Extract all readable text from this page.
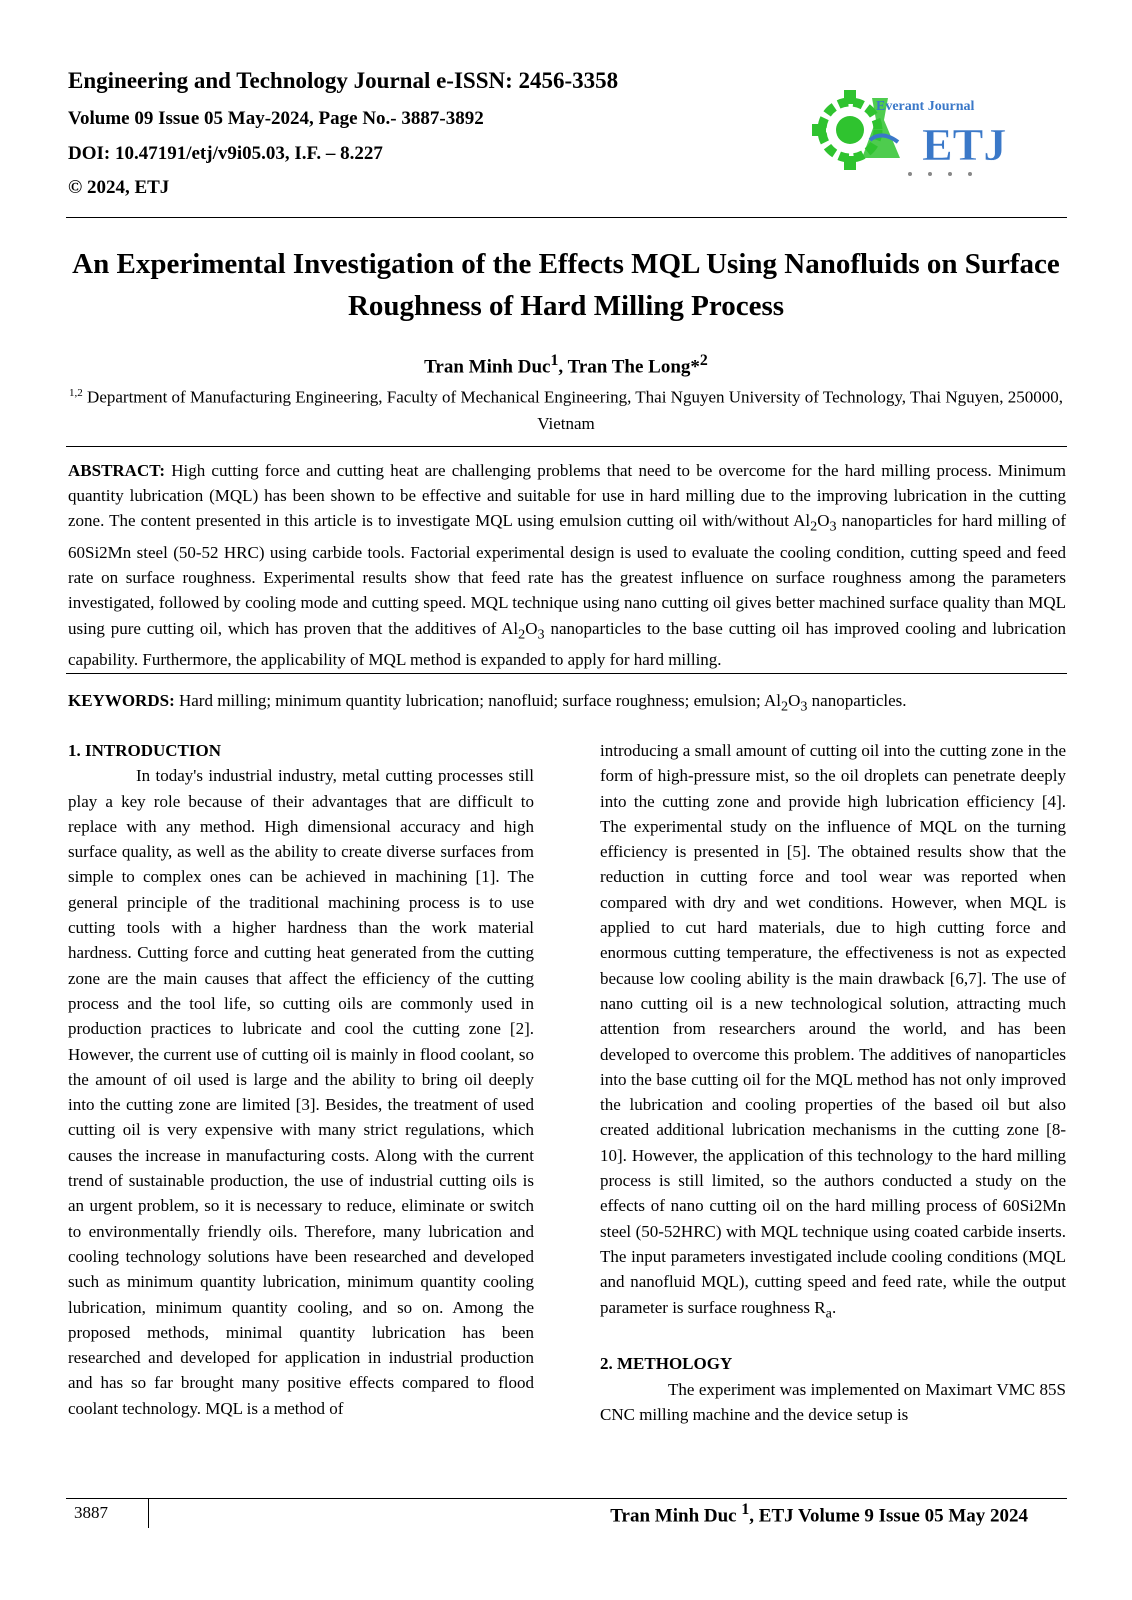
Engineering and Technology Journal e-ISSN: 2456-3358
Volume 09 Issue 05 May-2024, Page No.- 3887-3892
DOI: 10.47191/etj/v9i05.03, I.F. – 8.227
© 2024, ETJ
Everant Journal
ETJ
An Experimental Investigation of the Effects MQL Using Nanofluids on Surface Roughness of Hard Milling Process
Tran Minh Duc$^1$, Tran The Long*$^2$
$^{1,2}$ Department of Manufacturing Engineering, Faculty of Mechanical Engineering, Thai Nguyen University of Technology, Thai Nguyen, 250000, Vietnam

ABSTRACT: High cutting force and cutting heat are challenging problems that need to be overcome for the hard milling process. Minimum quantity lubrication (MQL) has been shown to be effective and suitable for use in hard milling due to the improving lubrication in the cutting zone. The content presented in this article is to investigate MQL using emulsion cutting oil with/without $Al_2O_3$ nanoparticles for hard milling of 60Si2Mn steel (50-52 HRC) using carbide tools. Factorial experimental design is used to evaluate the cooling condition, cutting speed and feed rate on surface roughness. Experimental results show that feed rate has the greatest influence on surface roughness among the parameters investigated, followed by cooling mode and cutting speed. MQL technique using nano cutting oil gives better machined surface quality than MQL using pure cutting oil, which has proven that the additives of $Al_2O_3$ nanoparticles to the base cutting oil has improved cooling and lubrication capability. Furthermore, the applicability of MQL method is expanded to apply for hard milling.

KEYWORDS: Hard milling; minimum quantity lubrication; nanofluid; surface roughness; emulsion; $Al_2O_3$ nanoparticles.

1. INTRODUCTION

In today's industrial industry, metal cutting processes still play a key role because of their advantages that are difficult to replace with any method. High dimensional accuracy and high surface quality, as well as the ability to create diverse surfaces from simple to complex ones can be achieved in machining [1]. The general principle of the traditional machining process is to use cutting tools with a higher hardness than the work material hardness. Cutting force and cutting heat generated from the cutting zone are the main causes that affect the efficiency of the cutting process and the tool life, so cutting oils are commonly used in production practices to lubricate and cool the cutting zone [2]. However, the current use of cutting oil is mainly in flood coolant, so the amount of oil used is large and the ability to bring oil deeply into the cutting zone are limited [3]. Besides, the treatment of used cutting oil is very expensive with many strict regulations, which causes the increase in manufacturing costs. Along with the current trend of sustainable production, the use of industrial cutting oils is an urgent problem, so it is necessary to reduce, eliminate or switch to environmentally friendly oils. Therefore, many lubrication and cooling technology solutions have been researched and developed such as minimum quantity lubrication, minimum quantity cooling lubrication, minimum quantity cooling, and so on. Among the proposed methods, minimal quantity lubrication has been researched and developed for application in industrial production and has so far brought many positive effects compared to flood coolant technology. MQL is a method of

introducing a small amount of cutting oil into the cutting zone in the form of high-pressure mist, so the oil droplets can penetrate deeply into the cutting zone and provide high lubrication efficiency [4]. The experimental study on the influence of MQL on the turning efficiency is presented in [5]. The obtained results show that the reduction in cutting force and tool wear was reported when compared with dry and wet conditions. However, when MQL is applied to cut hard materials, due to high cutting force and enormous cutting temperature, the effectiveness is not as expected because low cooling ability is the main drawback [6,7]. The use of nano cutting oil is a new technological solution, attracting much attention from researchers around the world, and has been developed to overcome this problem. The additives of nanoparticles into the base cutting oil for the MQL method has not only improved the lubrication and cooling properties of the based oil but also created additional lubrication mechanisms in the cutting zone [8-10]. However, the application of this technology to the hard milling process is still limited, so the authors conducted a study on the effects of nano cutting oil on the hard milling process of 60Si2Mn steel (50-52HRC) with MQL technique using coated carbide inserts. The input parameters investigated include cooling conditions (MQL and nanofluid MQL), cutting speed and feed rate, while the output parameter is surface roughness $R_a$.

2. METHOLOGY

The experiment was implemented on Maximart VMC 85S CNC milling machine and the device setup is

3887	Tran Minh Duc $^1$, ETJ Volume 9 Issue 05 May 2024
